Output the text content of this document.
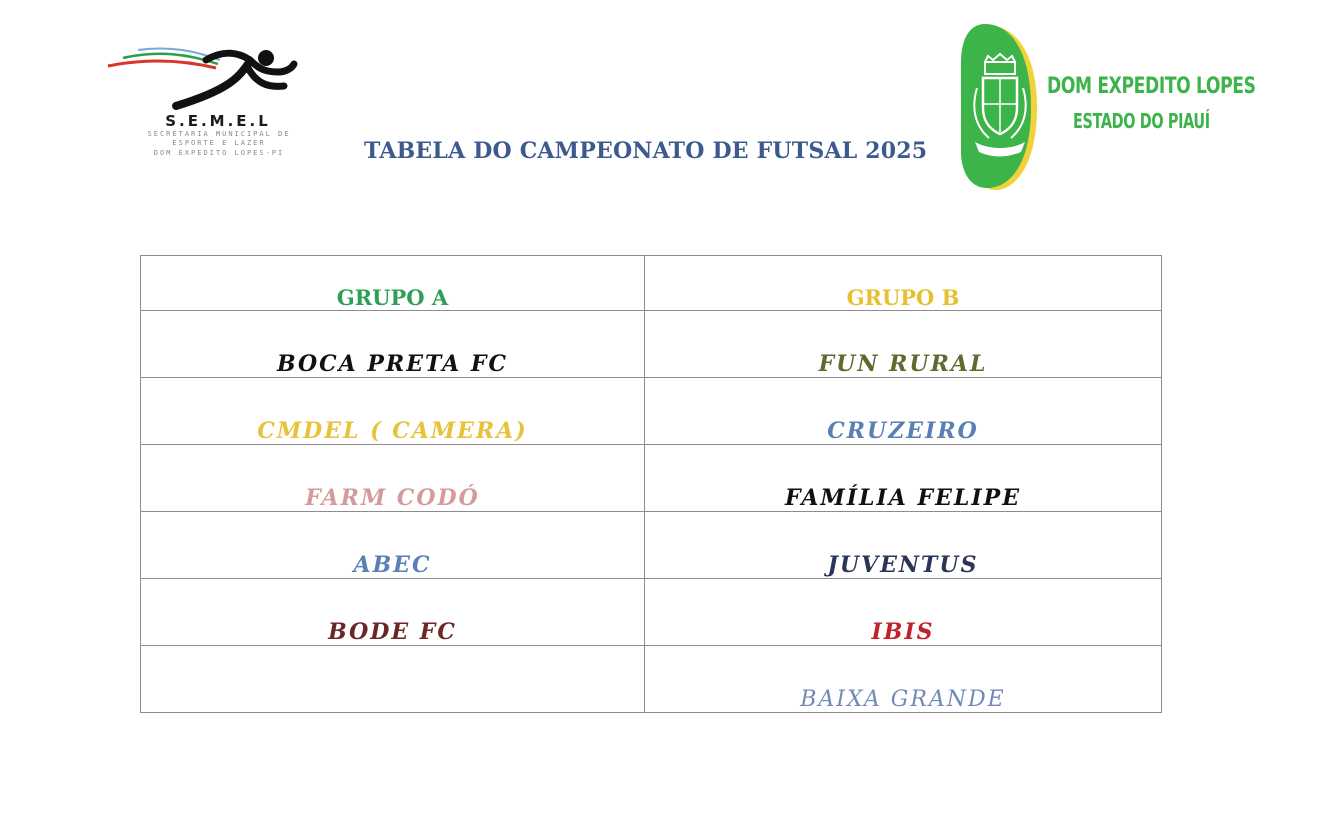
S.E.M.E.L
SECRETARIA MUNICIPAL DE
ESPORTE E LAZER
DOM EXPEDITO LOPES-PI	TABELA DO CAMPEONATO DE FUTSAL 2025
DOM EXPEDITO LOPES
ESTADO DO PIAUÍ
GRUPO A	GRUPO B
BOCA PRETA FC	FUN RURAL
CMDEL ( CAMERA)	CRUZEIRO
FARM CODÓ	FAMÍLIA FELIPE
ABEC	JUVENTUS
BODE FC	IBIS
	BAIXA GRANDE
